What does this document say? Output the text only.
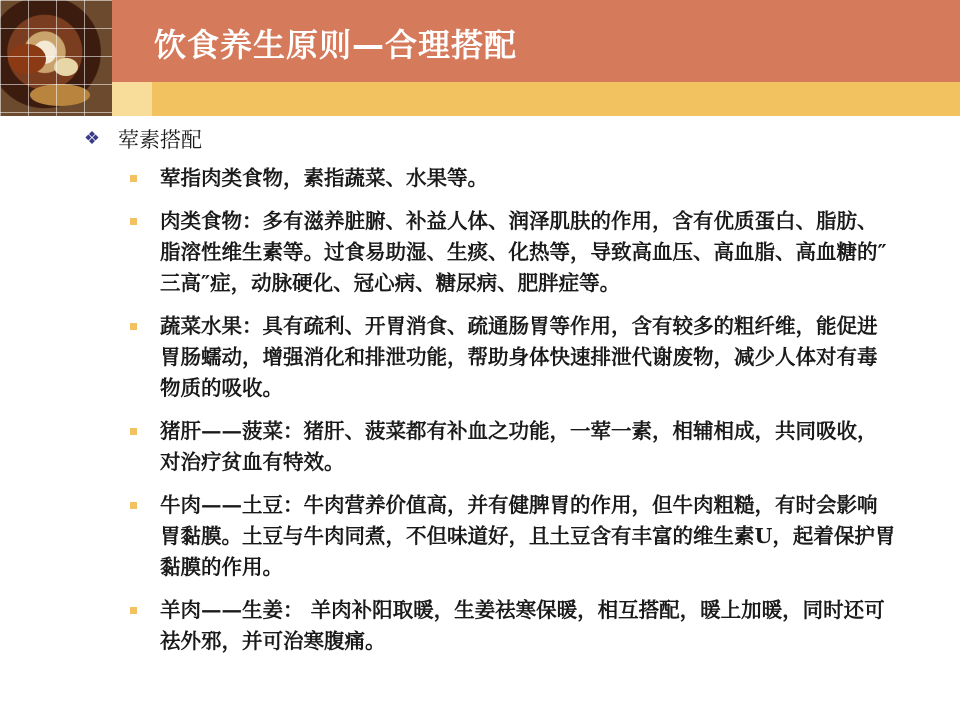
饮食养生原则—合理搭配
❖ 荤素搭配
荤指肉类食物，素指蔬菜、水果等。
肉类食物：多有滋养脏腑、补益人体、润泽肌肤的作用，含有优质蛋白、脂肪、脂溶性维生素等。过食易助湿、生痰、化热等，导致高血压、高血脂、高血糖的″三高″症，动脉硬化、冠心病、糖尿病、肥胖症等。
蔬菜水果：具有疏利、开胃消食、疏通肠胃等作用，含有较多的粗纤维，能促进胃肠蠕动，增强消化和排泄功能，帮助身体快速排泄代谢废物，减少人体对有毒物质的吸收。
猪肝——菠菜：猪肝、菠菜都有补血之功能，一荤一素，相辅相成，共同吸收，对治疗贫血有特效。
牛肉——土豆：牛肉营养价值高，并有健脾胃的作用，但牛肉粗糙，有时会影响胃黏膜。土豆与牛肉同煮，不但味道好，且土豆含有丰富的维生素U，起着保护胃黏膜的作用。
羊肉——生姜： 羊肉补阳取暖，生姜祛寒保暖，相互搭配，暖上加暖，同时还可祛外邪，并可治寒腹痛。
